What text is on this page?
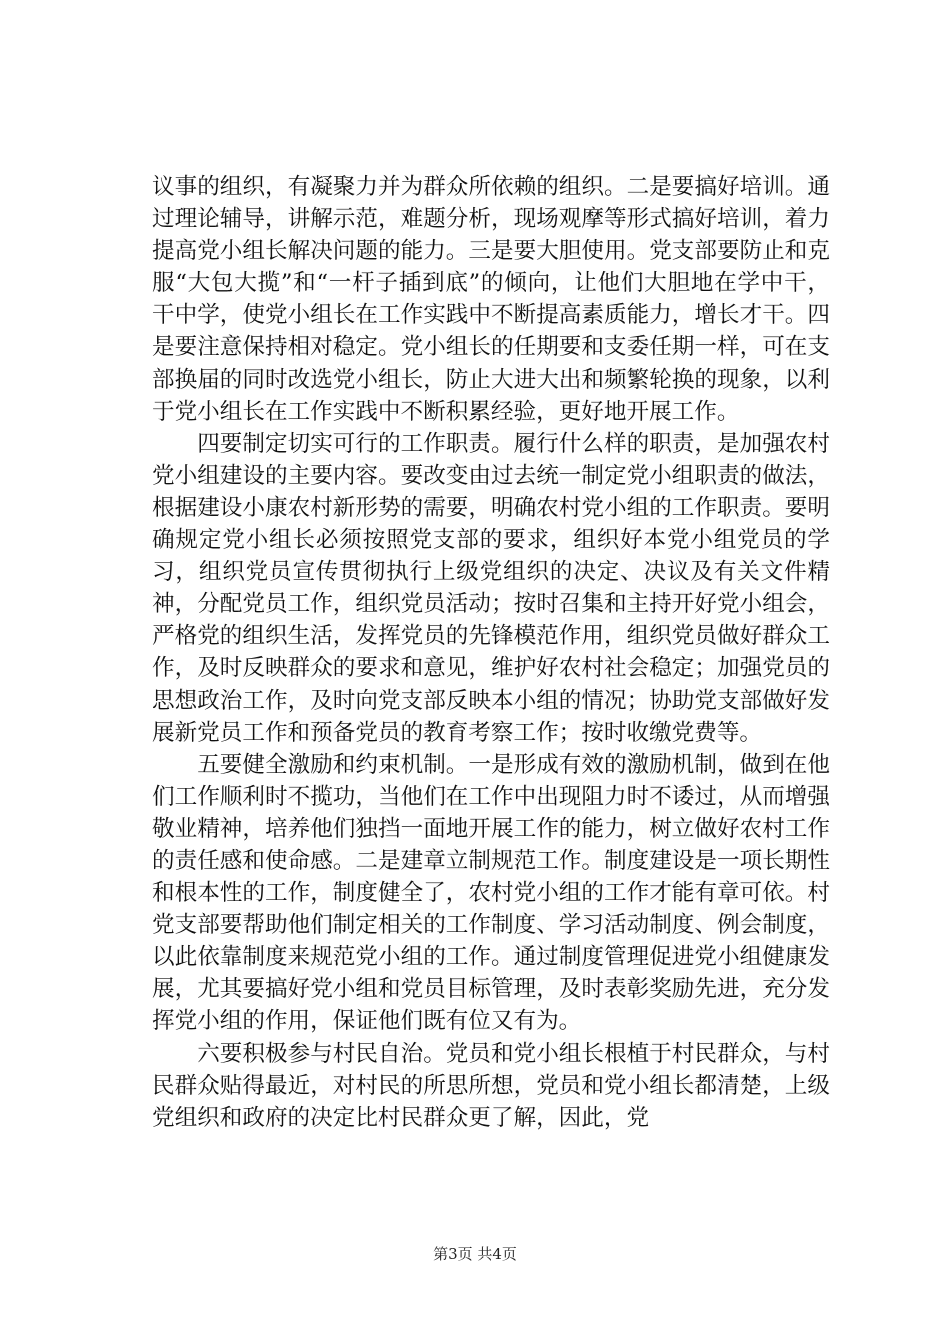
议事的组织，有凝聚力并为群众所依赖的组织。二是要搞好培训。通过理论辅导，讲解示范，难题分析，现场观摩等形式搞好培训，着力提高党小组长解决问题的能力。三是要大胆使用。党支部要防止和克服“大包大揽”和“一杆子插到底”的倾向，让他们大胆地在学中干，干中学，使党小组长在工作实践中不断提高素质能力，增长才干。四是要注意保持相对稳定。党小组长的任期要和支委任期一样，可在支部换届的同时改选党小组长，防止大进大出和频繁轮换的现象，以利于党小组长在工作实践中不断积累经验，更好地开展工作。

四要制定切实可行的工作职责。履行什么样的职责，是加强农村党小组建设的主要内容。要改变由过去统一制定党小组职责的做法，根据建设小康农村新形势的需要，明确农村党小组的工作职责。要明确规定党小组长必须按照党支部的要求，组织好本党小组党员的学习，组织党员宣传贯彻执行上级党组织的决定、决议及有关文件精神，分配党员工作，组织党员活动；按时召集和主持开好党小组会，严格党的组织生活，发挥党员的先锋模范作用，组织党员做好群众工作，及时反映群众的要求和意见，维护好农村社会稳定；加强党员的思想政治工作，及时向党支部反映本小组的情况；协助党支部做好发展新党员工作和预备党员的教育考察工作；按时收缴党费等。

五要健全激励和约束机制。一是形成有效的激励机制，做到在他们工作顺利时不揽功，当他们在工作中出现阻力时不诿过，从而增强敬业精神，培养他们独挡一面地开展工作的能力，树立做好农村工作的责任感和使命感。二是建章立制规范工作。制度建设是一项长期性和根本性的工作，制度健全了，农村党小组的工作才能有章可依。村党支部要帮助他们制定相关的工作制度、学习活动制度、例会制度，以此依靠制度来规范党小组的工作。通过制度管理促进党小组健康发展，尤其要搞好党小组和党员目标管理，及时表彰奖励先进，充分发挥党小组的作用，保证他们既有位又有为。

六要积极参与村民自治。党员和党小组长根植于村民群众，与村民群众贴得最近，对村民的所思所想，党员和党小组长都清楚，上级党组织和政府的决定比村民群众更了解，因此，党

第3页 共4页
